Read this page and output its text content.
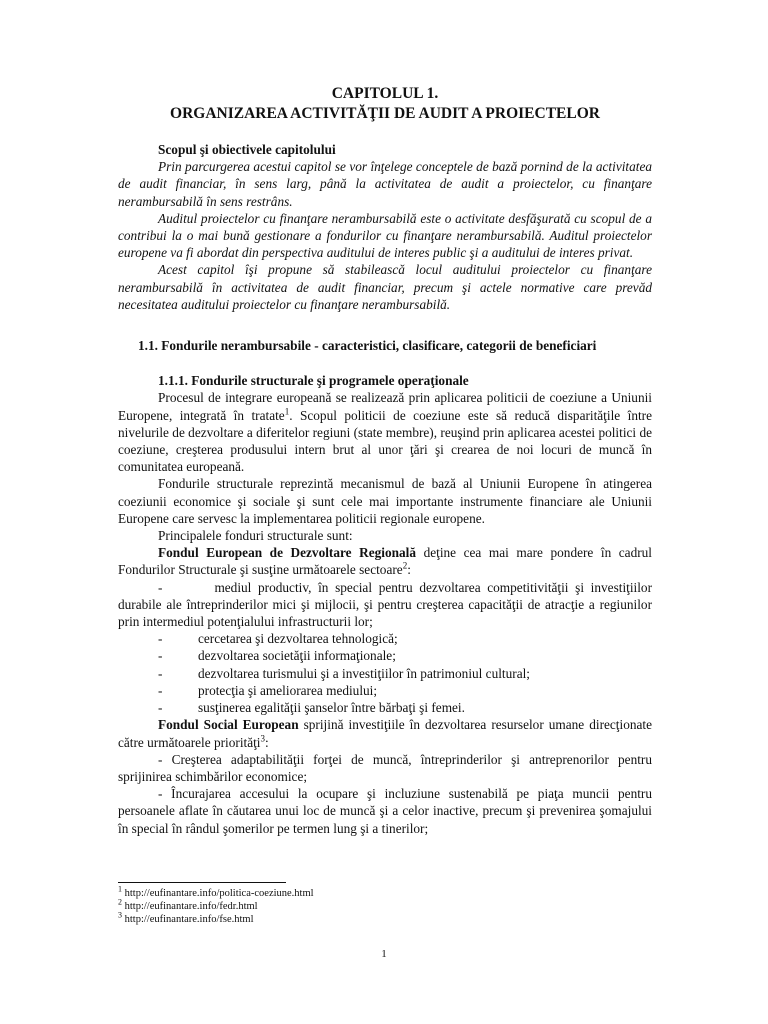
CAPITOLUL 1.
ORGANIZAREA ACTIVITĂŢII DE AUDIT A PROIECTELOR

Scopul şi obiectivele capitolului

Prin parcurgerea acestui capitol se vor înţelege conceptele de bază pornind de la activitatea de audit financiar, în sens larg, până la activitatea de audit a proiectelor, cu finanţare nerambursabilă în sens restrâns.

Auditul proiectelor cu finanţare nerambursabilă este o activitate desfăşurată cu scopul de a contribui la o mai bună gestionare a fondurilor cu finanţare nerambursabilă. Auditul proiectelor europene va fi abordat din perspectiva auditului de interes public şi a auditului de interes privat.

Acest capitol îşi propune să stabilească locul auditului proiectelor cu finanţare nerambursabilă în activitatea de audit financiar, precum şi actele normative care prevăd necesitatea auditului proiectelor cu finanţare nerambursabilă.

1.1. Fondurile nerambursabile - caracteristici, clasificare, categorii de beneficiari

1.1.1. Fondurile structurale şi programele operaţionale

Procesul de integrare europeană se realizează prin aplicarea politicii de coeziune a Uniunii Europene, integrată în tratate$^1$. Scopul politicii de coeziune este să reducă disparităţile între nivelurile de dezvoltare a diferitelor regiuni (state membre), reuşind prin aplicarea acestei politici de coeziune, creşterea produsului intern brut al unor ţări şi crearea de noi locuri de muncă în comunitatea europeană.

Fondurile structurale reprezintă mecanismul de bază al Uniunii Europene în atingerea coeziunii economice şi sociale şi sunt cele mai importante instrumente financiare ale Uniunii Europene care servesc la implementarea politicii regionale europene.

Principalele fonduri structurale sunt:

Fondul European de Dezvoltare Regională deţine cea mai mare pondere în cadrul Fondurilor Structurale şi susţine următoarele sectoare$^2$:

-	mediul productiv, în special pentru dezvoltarea competitivităţii şi investiţiilor durabile ale întreprinderilor mici şi mijlocii, şi pentru creşterea capacităţii de atracţie a regiunilor prin intermediul potenţialului infrastructurii lor;

-	cercetarea şi dezvoltarea tehnologică;
-	dezvoltarea societăţii informaţionale;
-	dezvoltarea turismului şi a investiţiilor în patrimoniul cultural;
-	protecţia şi ameliorarea mediului;
-	susţinerea egalităţii şanselor între bărbaţi şi femei.

Fondul Social European sprijină investiţiile în dezvoltarea resurselor umane direcţionate către următoarele priorităţi$^3$:

- Creşterea adaptabilităţii forţei de muncă, întreprinderilor şi antreprenorilor pentru sprijinirea schimbărilor economice;

- Încurajarea accesului la ocupare şi incluziune sustenabilă pe piaţa muncii pentru persoanele aflate în căutarea unui loc de muncă şi a celor inactive, precum şi prevenirea şomajului în special în rândul şomerilor pe termen lung şi a tinerilor;

$^1$ http://eufinantare.info/politica-coeziune.html
$^2$ http://eufinantare.info/fedr.html
$^3$ http://eufinantare.info/fse.html
1
